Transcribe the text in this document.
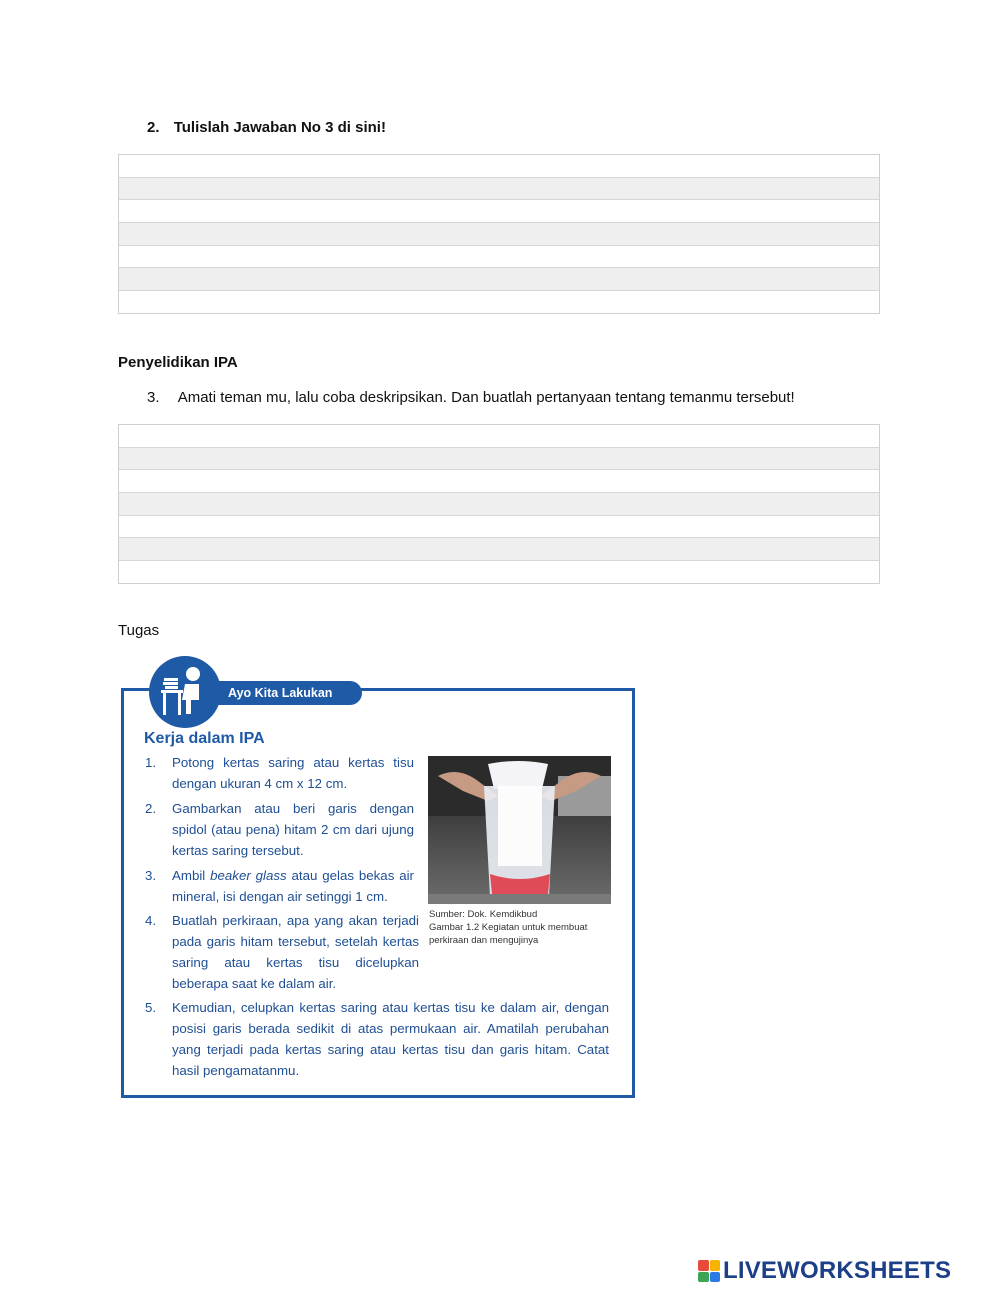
2. Tulislah Jawaban No 3 di sini!
Penyelidikan IPA
3. Amati teman mu, lalu coba deskripsikan. Dan buatlah pertanyaan tentang temanmu tersebut!
Tugas
Ayo Kita Lakukan
Kerja dalam IPA
1. Potong kertas saring atau kertas tisu dengan ukuran 4 cm x 12 cm.
2. Gambarkan atau beri garis dengan spidol (atau pena) hitam 2 cm dari ujung kertas saring tersebut.
3. Ambil beaker glass atau gelas bekas air mineral, isi dengan air setinggi 1 cm.
4. Buatlah perkiraan, apa yang akan terjadi pada garis hitam tersebut, setelah kertas saring atau kertas tisu dicelupkan beberapa saat ke dalam air.
5. Kemudian, celupkan kertas saring atau kertas tisu ke dalam air, dengan posisi garis berada sedikit di atas permukaan air. Amatilah perubahan yang terjadi pada kertas saring atau kertas tisu dan garis hitam. Catat hasil pengamatanmu.
Sumber: Dok. Kemdikbud
Gambar 1.2 Kegiatan untuk membuat perkiraan dan mengujinya
LIVEWORKSHEETS
